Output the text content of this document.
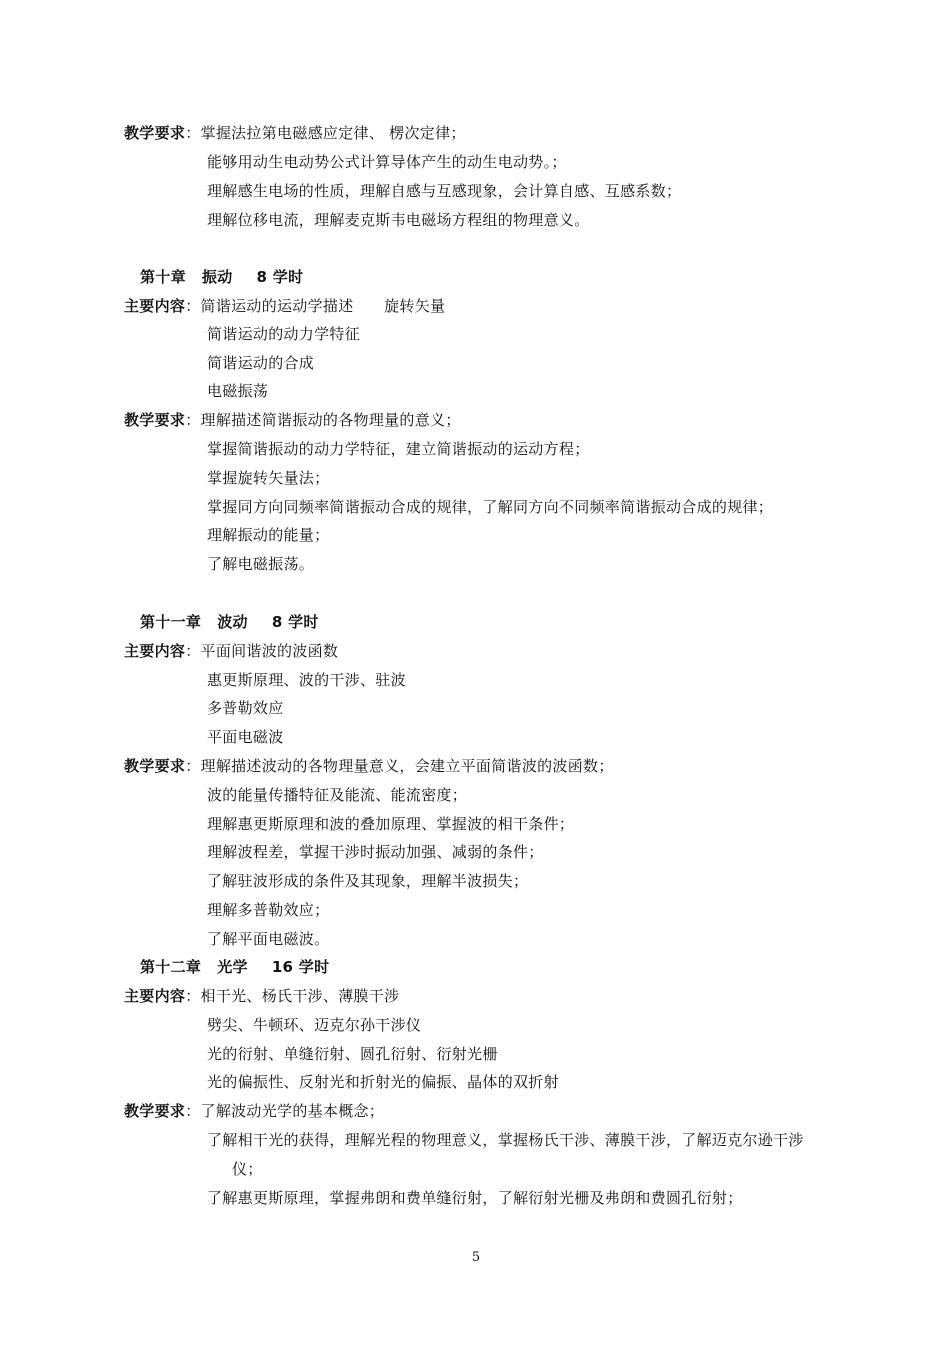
教学要求：掌握法拉第电磁感应定律、 楞次定律；
能够用动生电动势公式计算导体产生的动生电动势。；
理解感生电场的性质，理解自感与互感现象，会计算自感、互感系数；
理解位移电流，理解麦克斯韦电磁场方程组的物理意义。
第十章 振动 8 学时
主要内容：简谐运动的运动学描述　　旋转矢量
简谐运动的动力学特征
简谐运动的合成
电磁振荡
教学要求：理解描述简谐振动的各物理量的意义；
掌握简谐振动的动力学特征，建立简谐振动的运动方程；
掌握旋转矢量法；
掌握同方向同频率简谐振动合成的规律，了解同方向不同频率简谐振动合成的规律；
理解振动的能量；
了解电磁振荡。
第十一章 波动 8 学时
主要内容：平面间谐波的波函数
惠更斯原理、波的干涉、驻波
多普勒效应
平面电磁波
教学要求：理解描述波动的各物理量意义，会建立平面简谐波的波函数；
波的能量传播特征及能流、能流密度；
理解惠更斯原理和波的叠加原理、掌握波的相干条件；
理解波程差，掌握干涉时振动加强、减弱的条件；
了解驻波形成的条件及其现象，理解半波损失；
理解多普勒效应；
了解平面电磁波。
第十二章 光学 16 学时
主要内容：相干光、杨氏干涉、薄膜干涉
劈尖、牛顿环、迈克尔孙干涉仪
光的衍射、单缝衍射、圆孔衍射、衍射光栅
光的偏振性、反射光和折射光的偏振、晶体的双折射
教学要求：了解波动光学的基本概念；
了解相干光的获得，理解光程的物理意义，掌握杨氏干涉、薄膜干涉，了解迈克尔逊干涉
仪；
了解惠更斯原理，掌握弗朗和费单缝衍射，了解衍射光栅及弗朗和费圆孔衍射；
5
